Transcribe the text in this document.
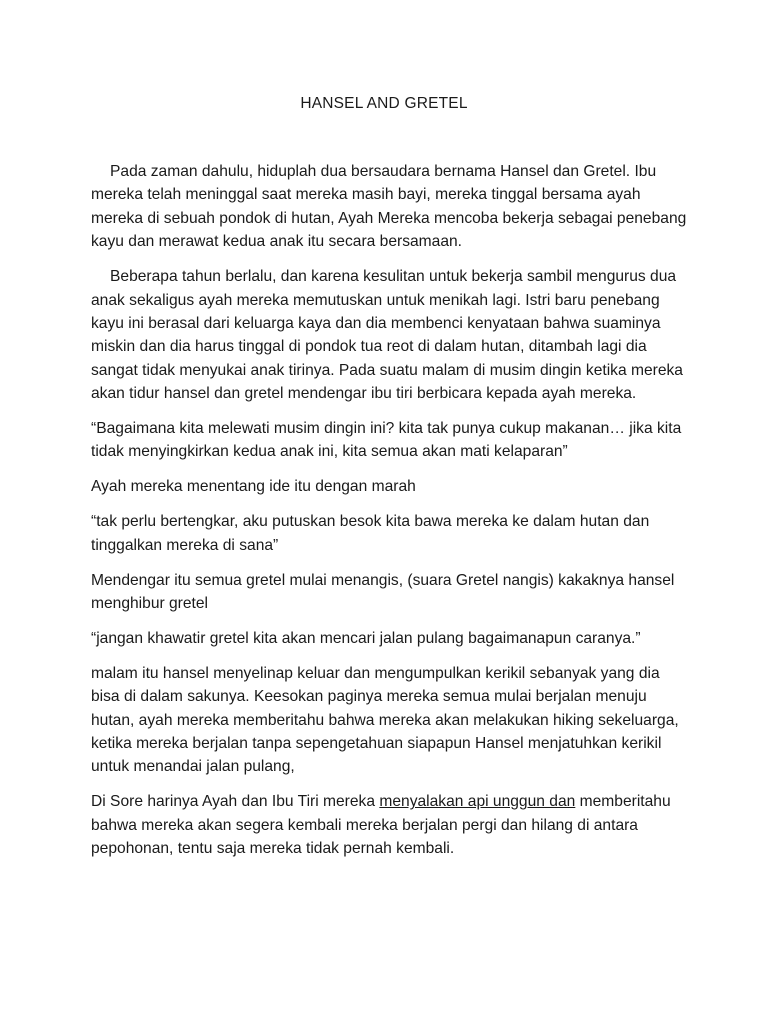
HANSEL AND GRETEL

Pada zaman dahulu, hiduplah dua bersaudara bernama Hansel dan Gretel. Ibu mereka telah meninggal saat mereka masih bayi, mereka tinggal bersama ayah mereka di sebuah pondok di hutan, Ayah Mereka mencoba bekerja sebagai penebang kayu dan merawat kedua anak itu secara bersamaan.

Beberapa tahun berlalu, dan karena kesulitan untuk bekerja sambil mengurus dua anak sekaligus ayah mereka memutuskan untuk menikah lagi. Istri baru penebang kayu ini berasal dari keluarga kaya dan dia membenci kenyataan bahwa suaminya miskin dan dia harus tinggal di pondok tua reot di dalam hutan, ditambah lagi dia sangat tidak menyukai anak tirinya. Pada suatu malam di musim dingin ketika mereka akan tidur hansel dan gretel mendengar ibu tiri berbicara kepada ayah mereka.

“Bagaimana kita melewati musim dingin ini? kita tak punya cukup makanan… jika kita tidak menyingkirkan kedua anak ini, kita semua akan mati kelaparan”

Ayah mereka menentang ide itu dengan marah

“tak perlu bertengkar, aku putuskan besok kita bawa mereka ke dalam hutan dan tinggalkan mereka di sana”

Mendengar itu semua gretel mulai menangis, (suara Gretel nangis) kakaknya hansel menghibur gretel

“jangan khawatir gretel kita akan mencari jalan pulang bagaimanapun caranya.”

malam itu hansel menyelinap keluar dan mengumpulkan kerikil sebanyak yang dia bisa di dalam sakunya. Keesokan paginya mereka semua mulai berjalan menuju hutan, ayah mereka memberitahu bahwa mereka akan melakukan hiking sekeluarga, ketika mereka berjalan tanpa sepengetahuan siapapun Hansel menjatuhkan kerikil untuk menandai jalan pulang,

Di Sore harinya Ayah dan Ibu Tiri mereka menyalakan api unggun dan memberitahu bahwa mereka akan segera kembali mereka berjalan pergi dan hilang di antara pepohonan, tentu saja mereka tidak pernah kembali.
